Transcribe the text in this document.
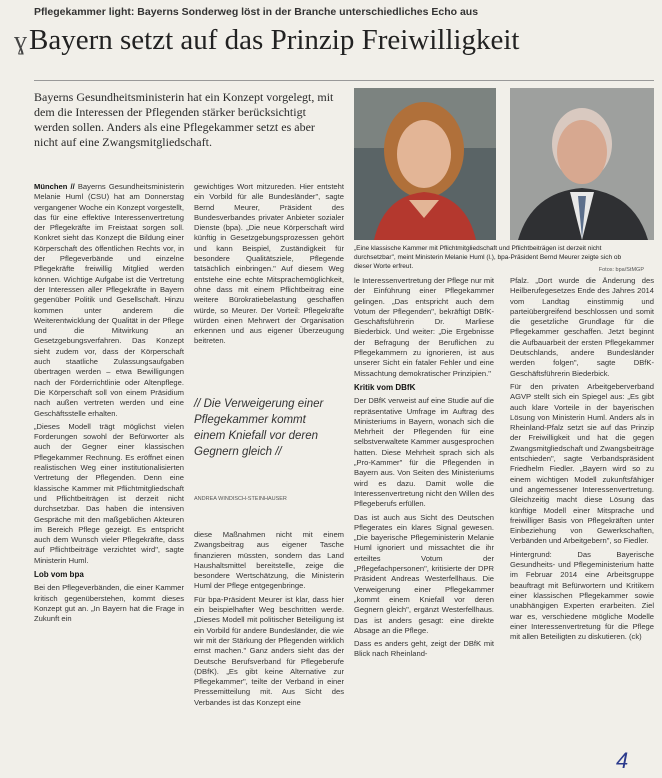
Pflegekammer light: Bayerns Sonderweg löst in der Branche unterschiedliches Echo aus
ɣBayern setzt auf das Prinzip Freiwilligkeit
Bayerns Gesundheitsministerin hat ein Konzept vorgelegt, mit dem die Interessen der Pflegenden stärker berücksichtigt werden sollen. Anders als eine Pflegekammer setzt es aber nicht auf eine Zwangsmitgliedschaft.
„Eine klassische Kammer mit Pflichtmitgliedschaft und Pflichtbeiträgen ist derzeit nicht durchsetzbar", meint Ministerin Melanie Huml (l.), bpa-Präsident Bernd Meurer zeigte sich ob dieser Worte erfreut.	Fotos: bpa/StMGP

München // Bayerns Gesundheitsministerin Melanie Huml (CSU) hat am Donnerstag vergangener Woche ein Konzept vorgestellt, das für eine effektive Interessenvertretung der Pflegekräfte im Freistaat sorgen soll. Konkret sieht das Konzept die Bildung einer Körperschaft des öffentlichen Rechts vor, in der Pflegeverbände und einzelne Pflegekräfte freiwillig Mitglied werden können. Wichtige Aufgabe ist die Vertretung der Interessen aller Pflegekräfte in Bayern gegenüber Politik und Gesellschaft. Hinzu kommen unter anderem die Weiterentwicklung der Qualität in der Pflege und die Mitwirkung an Gesetzgebungsverfahren. Das Konzept sieht zudem vor, dass der Körperschaft auch staatliche Zulassungsaufgaben übertragen werden – etwa Bewilligungen nach der Förderrichtlinie oder Altenpflege. Die Körperschaft soll von einem Präsidium nach außen vertreten werden und eine Geschäftsstelle erhalten.

„Dieses Modell trägt möglichst vielen Forderungen sowohl der Befürworter als auch der Gegner einer klassischen Pflegekammer Rechnung. Es eröffnet einen realistischen Weg einer institutionalisierten Vertretung der Pflegenden. Denn eine klassische Kammer mit Pflichtmitgliedschaft und Pflichtbeiträgen ist derzeit nicht durchsetzbar. Das haben die intensiven Gespräche mit den maßgeblichen Akteuren im Bereich Pflege gezeigt. Es entspricht auch dem Wunsch vieler Pflegekräfte, dass auf Pflichtbeiträge verzichtet wird", sagte Ministerin Huml.

Lob vom bpa

Bei den Pflegeverbänden, die einer Kammer kritisch gegenüberstehen, kommt dieses Konzept gut an. „In Bayern hat die Frage in Zukunft ein

gewichtiges Wort mitzureden. Hier entsteht ein Vorbild für alle Bundesländer", sagte Bernd Meurer, Präsident des Bundesverbandes privater Anbieter sozialer Dienste (bpa). „Die neue Körperschaft wird künftig in Gesetzgebungsprozessen gehört und kann Beispiel, Zuständigkeit für besondere Qualitätsziele, Pflegende tatsächlich einbringen." Auf diesem Weg entstehe eine echte Mitsprachemöglichkeit, ohne dass mit einem Pflichtbeitrag eine weitere Bürokratiebelastung geschaffen würde, so Meurer. Der Vorteil: Pflegekräfte würden einen Mehrwert der Organisation erkennen und aus eigener Überzeugung beitreten.

// Die Verweigerung einer Pflegekammer kommt einem Kniefall vor deren Gegnern gleich //
ANDREA WINDISCH-STEINHAUSER

diese Maßnahmen nicht mit einem Zwangsbeitrag aus eigener Tasche finanzieren müssten, sondern das Land Haushaltsmittel bereitstelle, zeige die besondere Wertschätzung, die Ministerin Huml der Pflege entgegenbringe.

Für bpa-Präsident Meurer ist klar, dass hier ein beispielhafter Weg beschritten werde. „Dieses Modell mit politischer Beteiligung ist ein Vorbild für andere Bundesländer, die wie wir mit der Stärkung der Pflegenden wirklich ernst machen." Ganz anders sieht das der Deutsche Berufsverband für Pflegeberufe (DBfK). „Es gibt keine Alternative zur Pflegekammer", teilte der Verband in einer Pressemitteilung mit. Aus Sicht des Verbandes ist das Konzept eine

le Interessenvertretung der Pflege nur mit der Einführung einer Pflegekammer gelingen. „Das entspricht auch dem Votum der Pflegenden", bekräftigt DBfK-Geschäftsführerin Dr. Marliese Biederbick. Und weiter: „Die Ergebnisse der Befragung der Beruflichen zu Pflegekammern zu ignorieren, ist aus unserer Sicht ein fataler Fehler und eine Missachtung demokratischer Prinzipien."

Kritik vom DBfK

Der DBfK verweist auf eine Studie auf die repräsentative Umfrage im Auftrag des Ministeriums in Bayern, wonach sich die Mehrheit der Pflegenden für eine selbstverwaltete Kammer ausgesprochen hatten. Diese Mehrheit sprach sich als „Pro-Kammer" für die Pflegenden in Bayern aus. Von Seiten des Ministeriums wird es dazu. Damit wolle die Interessenvertretung nicht den Willen des Pflegeberufs erfüllen.

Das ist auch aus Sicht des Deutschen Pflegerates ein klares Signal gewesen. „Die bayerische Pflegeministerin Melanie Huml ignoriert und missachtet die ihr erteiltes Votum der „Pflegefachpersonen", kritisierte der DPR Präsident Andreas Westerfellhaus. Die Verweigerung einer Pflegekammer „kommt einem Kniefall vor deren Gegnern gleich", ergänzt Westerfellhaus. Das ist anders gesagt: eine direkte Absage an die Pflege.

Dass es anders geht, zeigt der DBfK mit Blick nach Rheinland-

Pfalz. „Dort wurde die Änderung des Heilberufegesetzes Ende des Jahres 2014 vom Landtag einstimmig und parteiübergreifend beschlossen und somit die gesetzliche Grundlage für die Pflegekammer geschaffen. Jetzt beginnt die Aufbauarbeit der ersten Pflegekammer Deutschlands, andere Bundesländer werden folgen", sagte DBfK-Geschäftsführerin Biederbick.

Für den privaten Arbeitgeberverband AGVP stellt sich ein Spiegel aus: „Es gibt auch klare Vorteile in der bayerischen Lösung von Ministerin Huml. Anders als in Rheinland-Pfalz setzt sie auf das Prinzip der Freiwilligkeit und hat die gegen Zwangsmitgliedschaft und Zwangsbeiträge entschieden", sagte Verbandspräsident Friedhelm Fiedler. „Bayern wird so zu einem wichtigen Modell zukunftsfähiger und angemessener Interessenvertretung. Gleichzeitig macht diese Lösung das künftige Modell einer Mitsprache und freiwilliger Basis von Pflegekräften unter Einbeziehung von Gewerkschaften, Verbänden und Arbeitgebern", so Fiedler.

Hintergrund: Das Bayerische Gesundheits- und Pflegeministerium hatte im Februar 2014 eine Arbeitsgruppe beauftragt mit Befürwortern und Kritikern einer klassischen Pflegekammer sowie unabhängigen Experten erarbeiten. Ziel war es, verschiedene mögliche Modelle einer Interessenvertretung für die Pflege mit allen Beteiligten zu diskutieren. (ck)

4
